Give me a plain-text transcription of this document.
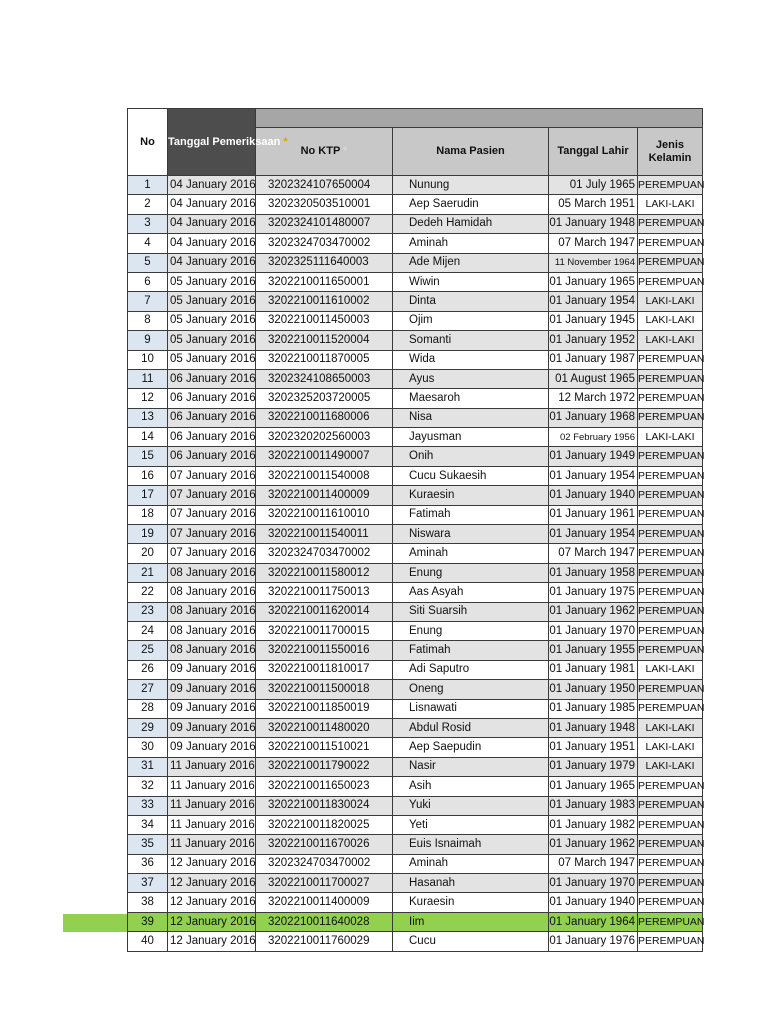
No	Tanggal Pemeriksaan *				
		No KTP *	Nama Pasien	Tanggal Lahir	Jenis Kelamin
1	04 January 2016	3202324107650004	Nunung	01 July 1965	PEREMPUAN
2	04 January 2016	3202320503510001	Aep Saerudin	05 March 1951	LAKI-LAKI
3	04 January 2016	3202324101480007	Dedeh Hamidah	01 January 1948	PEREMPUAN
4	04 January 2016	3202324703470002	Aminah	07 March 1947	PEREMPUAN
5	04 January 2016	3202325111640003	Ade Mijen	11 November 1964	PEREMPUAN
6	05 January 2016	3202210011650001	Wiwin	01 January 1965	PEREMPUAN
7	05 January 2016	3202210011610002	Dinta	01 January 1954	LAKI-LAKI
8	05 January 2016	3202210011450003	Ojim	01 January 1945	LAKI-LAKI
9	05 January 2016	3202210011520004	Somanti	01 January 1952	LAKI-LAKI
10	05 January 2016	3202210011870005	Wida	01 January 1987	PEREMPUAN
11	06 January 2016	3202324108650003	Ayus	01 August 1965	PEREMPUAN
12	06 January 2016	3202325203720005	Maesaroh	12 March 1972	PEREMPUAN
13	06 January 2016	3202210011680006	Nisa	01 January 1968	PEREMPUAN
14	06 January 2016	3202320202560003	Jayusman	02 February 1956	LAKI-LAKI
15	06 January 2016	3202210011490007	Onih	01 January 1949	PEREMPUAN
16	07 January 2016	3202210011540008	Cucu Sukaesih	01 January 1954	PEREMPUAN
17	07 January 2016	3202210011400009	Kuraesin	01 January 1940	PEREMPUAN
18	07 January 2016	3202210011610010	Fatimah	01 January 1961	PEREMPUAN
19	07 January 2016	3202210011540011	Niswara	01 January 1954	PEREMPUAN
20	07 January 2016	3202324703470002	Aminah	07 March 1947	PEREMPUAN
21	08 January 2016	3202210011580012	Enung	01 January 1958	PEREMPUAN
22	08 January 2016	3202210011750013	Aas Asyah	01 January 1975	PEREMPUAN
23	08 January 2016	3202210011620014	Siti Suarsih	01 January 1962	PEREMPUAN
24	08 January 2016	3202210011700015	Enung	01 January 1970	PEREMPUAN
25	08 January 2016	3202210011550016	Fatimah	01 January 1955	PEREMPUAN
26	09 January 2016	3202210011810017	Adi Saputro	01 January 1981	LAKI-LAKI
27	09 January 2016	3202210011500018	Oneng	01 January 1950	PEREMPUAN
28	09 January 2016	3202210011850019	Lisnawati	01 January 1985	PEREMPUAN
29	09 January 2016	3202210011480020	Abdul Rosid	01 January 1948	LAKI-LAKI
30	09 January 2016	3202210011510021	Aep Saepudin	01 January 1951	LAKI-LAKI
31	11 January 2016	3202210011790022	Nasir	01 January 1979	LAKI-LAKI
32	11 January 2016	3202210011650023	Asih	01 January 1965	PEREMPUAN
33	11 January 2016	3202210011830024	Yuki	01 January 1983	PEREMPUAN
34	11 January 2016	3202210011820025	Yeti	01 January 1982	PEREMPUAN
35	11 January 2016	3202210011670026	Euis Isnaimah	01 January 1962	PEREMPUAN
36	12 January 2016	3202324703470002	Aminah	07 March 1947	PEREMPUAN
37	12 January 2016	3202210011700027	Hasanah	01 January 1970	PEREMPUAN
38	12 January 2016	3202210011400009	Kuraesin	01 January 1940	PEREMPUAN
39	12 January 2016	3202210011640028	Iim	01 January 1964	PEREMPUAN
40	12 January 2016	3202210011760029	Cucu	01 January 1976	PEREMPUAN
